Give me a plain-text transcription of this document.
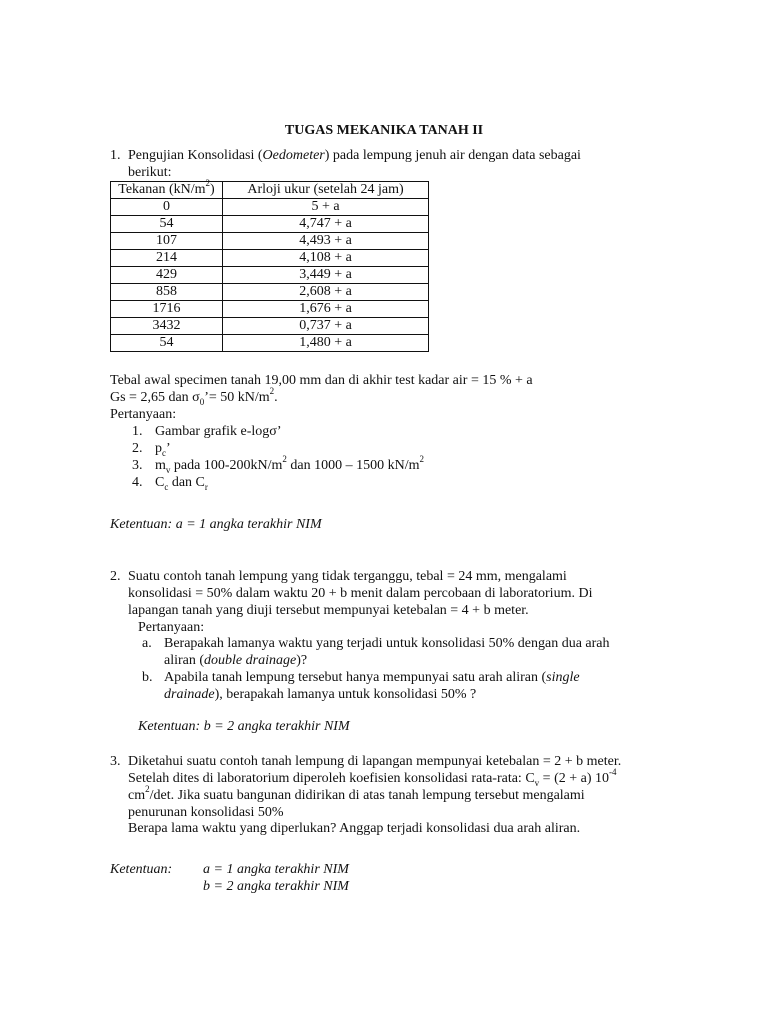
TUGAS MEKANIKA TANAH II
1. Pengujian Konsolidasi (Oedometer) pada lempung jenuh air dengan data sebagai
berikut:
Tekanan $(kN/m^2)$	Arloji ukur (setelah 24 jam)
0	5 + a
54	4,747 + a
107	4,493 + a
214	4,108 + a
429	3,449 + a
858	2,608 + a
1716	1,676 + a
3432	0,737 + a
54	1,480 + a
Tebal awal specimen tanah 19,00 mm dan di akhir test kadar air = 15 % + a
Gs = 2,65 dan $\sigma_0’= 50$ $kN/m^2$.
Pertanyaan:
1. Gambar grafik e-logσ’
2. $p_c$’
3. $m_v$ pada $100-200kN/m^2$ dan 1000 – 1500 $kN/m^2$
4. $C_c$ dan $C_r$
Ketentuan: a = 1 angka terakhir NIM
2. Suatu contoh tanah lempung yang tidak terganggu, tebal = 24 mm, mengalami
konsolidasi = 50% dalam waktu 20 + b menit dalam percobaan di laboratorium. Di
lapangan tanah yang diuji tersebut mempunyai ketebalan = 4 + b meter.
Pertanyaan:
a. Berapakah lamanya waktu yang terjadi untuk konsolidasi 50% dengan dua arah
aliran (double drainage)?
b. Apabila tanah lempung tersebut hanya mempunyai satu arah aliran (single
drainade), berapakah lamanya untuk konsolidasi 50% ?
Ketentuan: b = 2 angka terakhir NIM
3. Diketahui suatu contoh tanah lempung di lapangan mempunyai ketebalan = 2 + b meter.
Setelah dites di laboratorium diperoleh koefisien konsolidasi rata-rata: $C_v = (2 + a)$ $10^{-4}$
$cm^2/\det$. Jika suatu bangunan didirikan di atas tanah lempung tersebut mengalami
penurunan konsolidasi 50%
Berapa lama waktu yang diperlukan? Anggap terjadi konsolidasi dua arah aliran.
Ketentuan: a = 1 angka terakhir NIM
b = 2 angka terakhir NIM
